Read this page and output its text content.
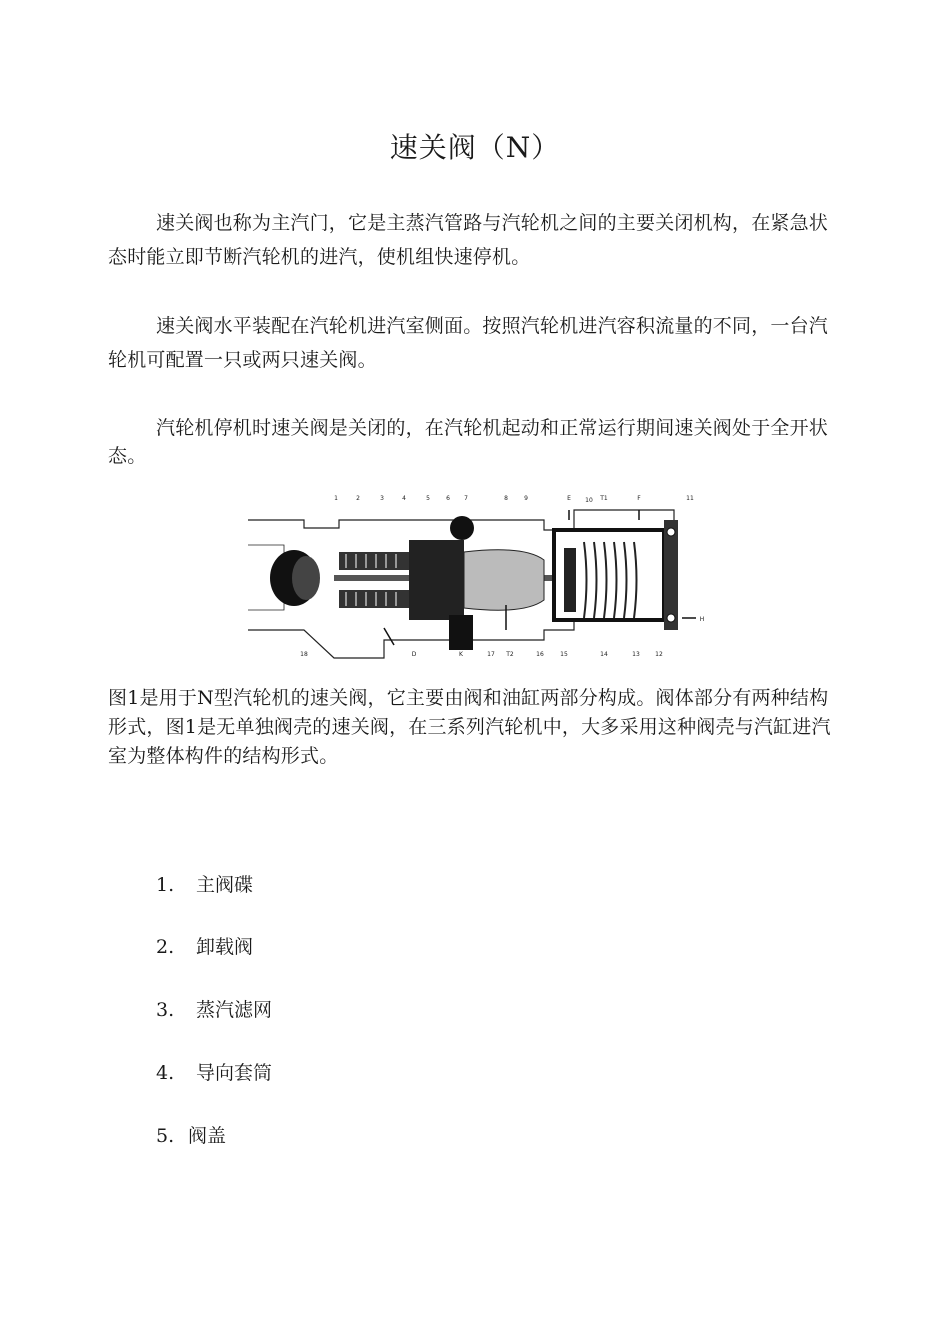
速关阀（N）
速关阀也称为主汽门，它是主蒸汽管路与汽轮机之间的主要关闭机构，在紧急状态时能立即节断汽轮机的进汽，使机组快速停机。
速关阀水平装配在汽轮机进汽室侧面。按照汽轮机进汽容积流量的不同，一台汽轮机可配置一只或两只速关阀。
汽轮机停机时速关阀是关闭的，在汽轮机起动和正常运行期间速关阀处于全开状态。
1	2	3	4	5	6 7	8	9	E 10 T1	F	11
18	D	K	17 T2	16	15	14	13	12
H
图1是用于N型汽轮机的速关阀，它主要由阀和油缸两部分构成。阀体部分有两种结构形式，图1是无单独阀壳的速关阀，在三系列汽轮机中，大多采用这种阀壳与汽缸进汽室为整体构件的结构形式。
1. 主阀碟
2. 卸载阀
3. 蒸汽滤网
4. 导向套筒
5. 阀盖
